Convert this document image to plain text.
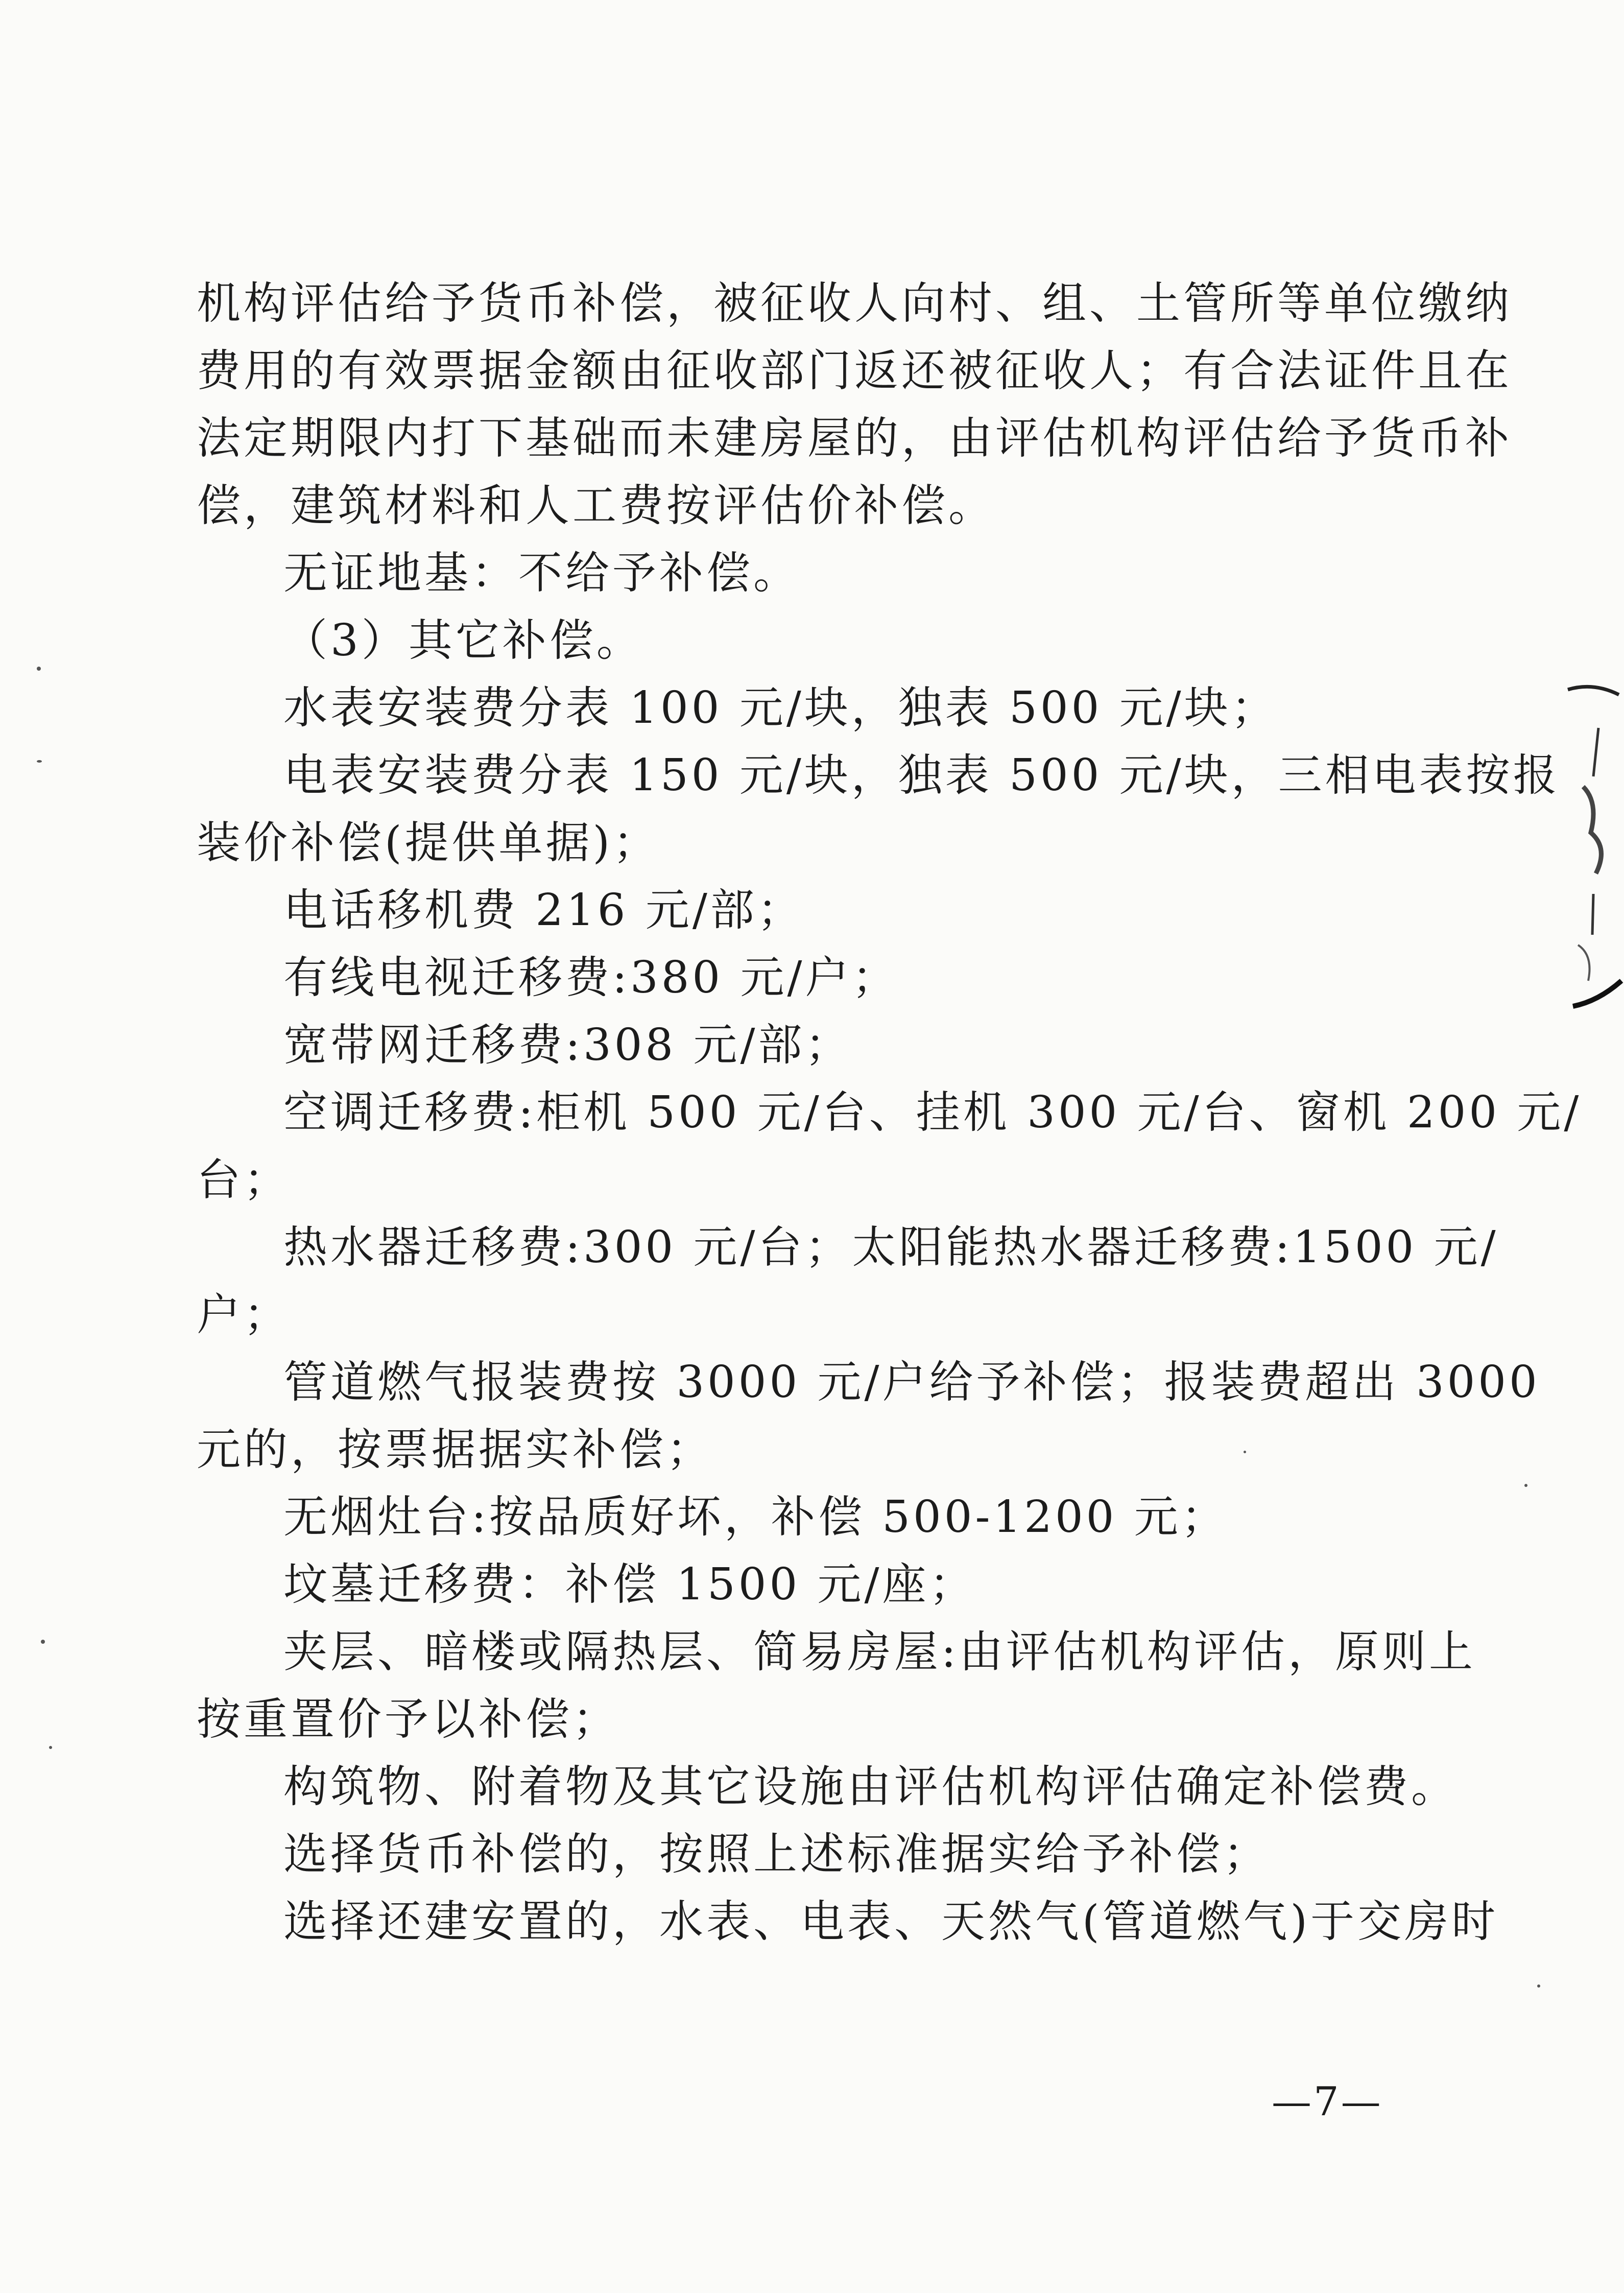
机构评估给予货币补偿，被征收人向村、组、土管所等单位缴纳
费用的有效票据金额由征收部门返还被征收人；有合法证件且在
法定期限内打下基础而未建房屋的，由评估机构评估给予货币补
偿，建筑材料和人工费按评估价补偿。
无证地基：不给予补偿。
（3）其它补偿。
水表安装费分表 100 元/块，独表 500 元/块；
电表安装费分表 150 元/块，独表 500 元/块，三相电表按报
装价补偿(提供单据)；
电话移机费 216 元/部；
有线电视迁移费:380 元/户；
宽带网迁移费:308 元/部；
空调迁移费:柜机 500 元/台、挂机 300 元/台、窗机 200 元/
台；
热水器迁移费:300 元/台；太阳能热水器迁移费:1500 元/
户；
管道燃气报装费按 3000 元/户给予补偿；报装费超出 3000
元的，按票据据实补偿；
无烟灶台:按品质好坏，补偿 500-1200 元；
坟墓迁移费：补偿 1500 元/座；
夹层、暗楼或隔热层、简易房屋:由评估机构评估，原则上
按重置价予以补偿；
构筑物、附着物及其它设施由评估机构评估确定补偿费。
选择货币补偿的，按照上述标准据实给予补偿；
选择还建安置的，水表、电表、天然气(管道燃气)于交房时
—7—
